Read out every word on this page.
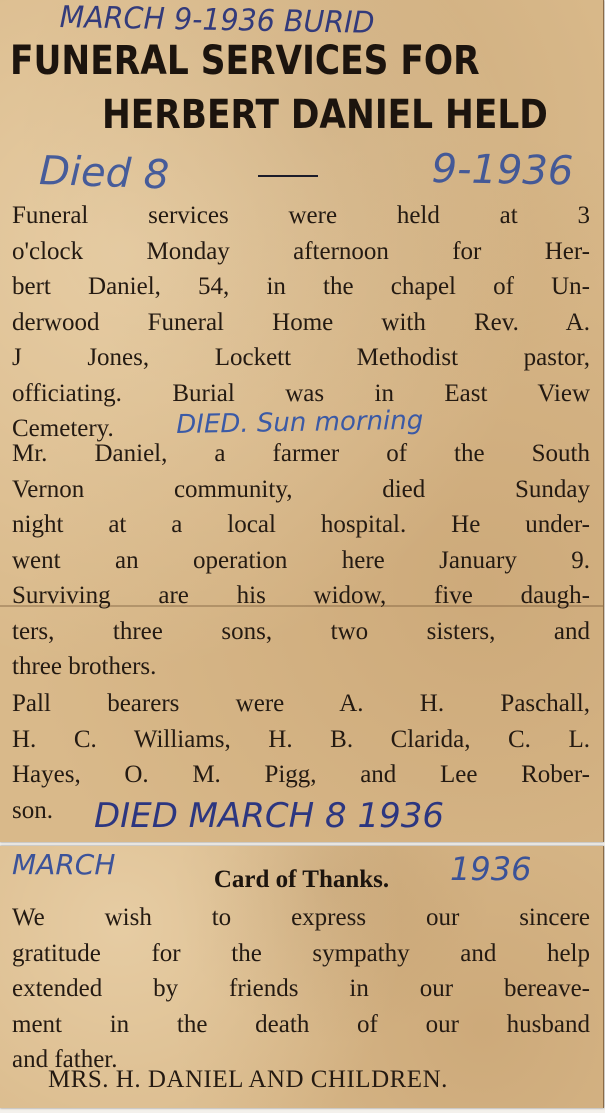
MARCH 9-1936 BURID
FUNERAL SERVICES FOR
HERBERT DANIEL HELD
Died 8	9-1936
Funeral services were held at 3
o'clock Monday afternoon for Her-
bert Daniel, 54, in the chapel of Un-
derwood Funeral Home with Rev. A.
J Jones, Lockett Methodist pastor,
officiating. Burial was in East View
Cemetery.	DIED. Sun morning
Mr. Daniel, a farmer of the South
Vernon community, died Sunday
night at a local hospital. He under-
went an operation here January 9.
Surviving are his widow, five daugh-
ters, three sons, two sisters, and
three brothers.
Pall bearers were A. H. Paschall,
H. C. Williams, H. B. Clarida, C. L.
Hayes, O. M. Pigg, and Lee Rober-
son.	DIED MARCH 8 1936
MARCH	1936
Card of Thanks.
We wish to express our sincere
gratitude for the sympathy and help
extended by friends in our bereave-
ment in the death of our husband
and father.
MRS. H. DANIEL AND CHILDREN.
